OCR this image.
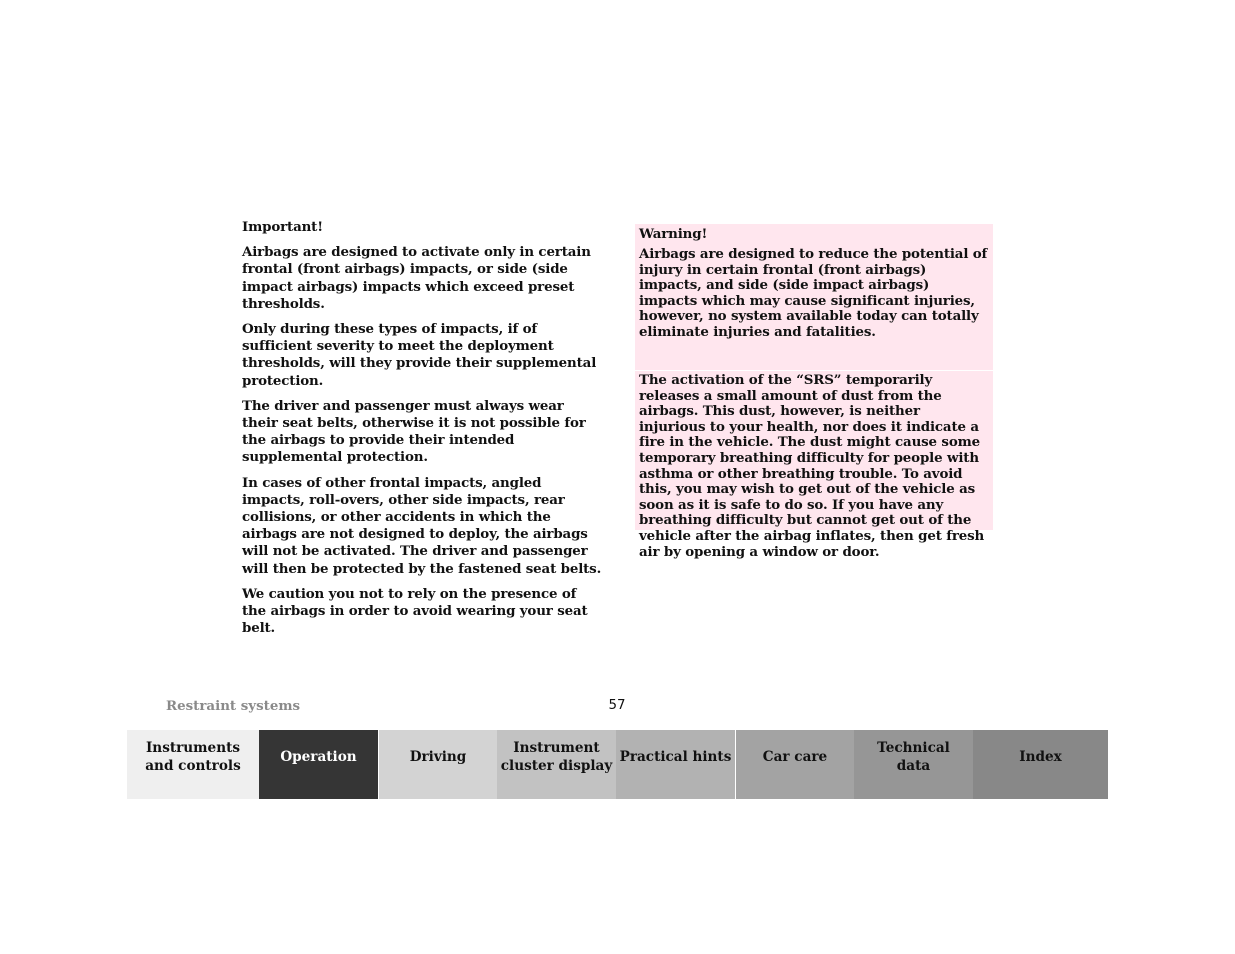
Important!

Airbags are designed to activate only in certain frontal (front airbags) impacts, or side (side impact airbags) impacts which exceed preset thresholds.

Only during these types of impacts, if of sufficient severity to meet the deployment thresholds, will they provide their supplemental protection.

The driver and passenger must always wear their seat belts, otherwise it is not possible for the airbags to provide their intended supplemental protection.

In cases of other frontal impacts, angled impacts, roll-overs, other side impacts, rear collisions, or other accidents in which the airbags are not designed to deploy, the airbags will not be activated. The driver and passenger will then be protected by the fastened seat belts.

We caution you not to rely on the presence of the airbags in order to avoid wearing your seat belt.

Warning!
Airbags are designed to reduce the potential of injury in certain frontal (front airbags) impacts, and side (side impact airbags) impacts which may cause significant injuries, however, no system available today can totally eliminate injuries and fatalities.
The activation of the “SRS” temporarily releases a small amount of dust from the airbags. This dust, however, is neither injurious to your health, nor does it indicate a fire in the vehicle. The dust might cause some temporary breathing difficulty for people with asthma or other breathing trouble. To avoid this, you may wish to get out of the vehicle as soon as it is safe to do so. If you have any breathing difficulty but cannot get out of the vehicle after the airbag inflates, then get fresh air by opening a window or door.
Restraint systems	57
Instruments
and controls
Operation	Driving
Instrument
cluster display
Practical hints Car care
Technical
data
Index
